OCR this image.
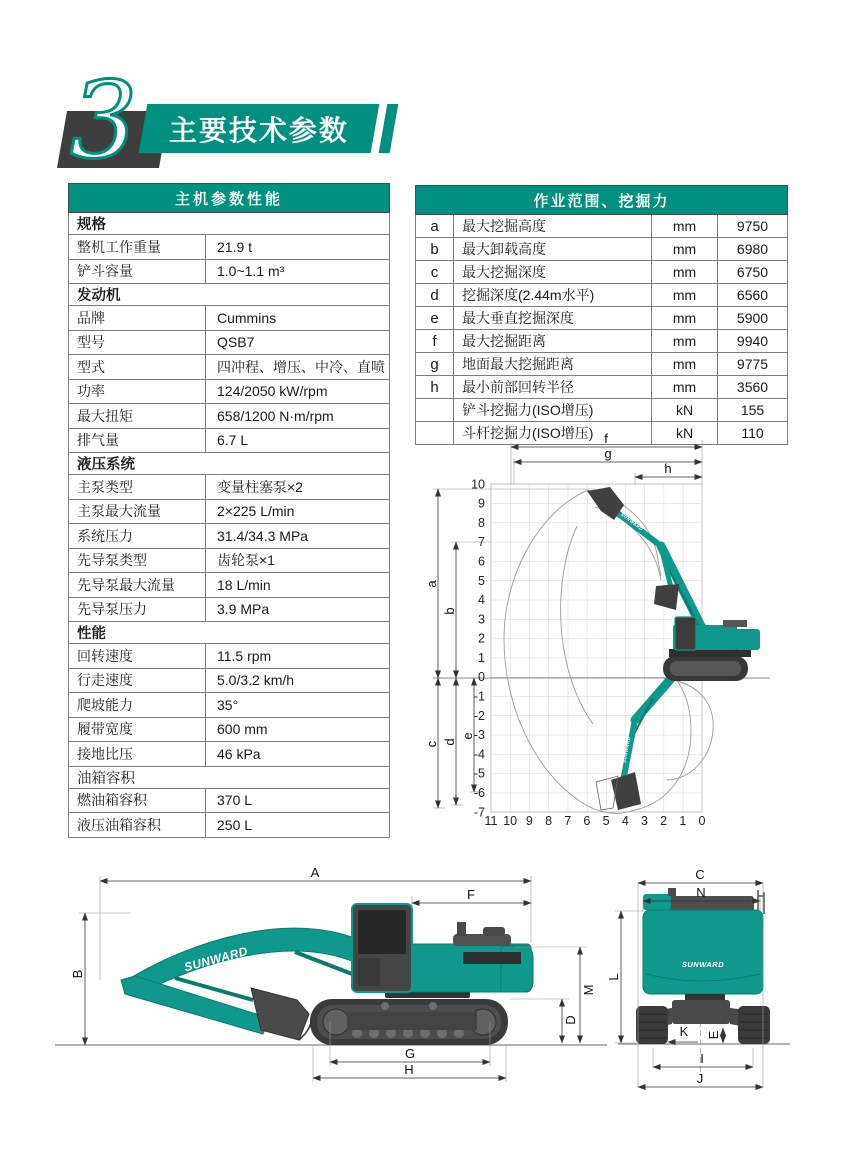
主要技术参数
3
主机参数性能	
规格	
整机工作重量	21.9 t
铲斗容量	1.0~1.1 m³
发动机	
品牌	Cummins
型号	QSB7
型式	四冲程、增压、中冷、直喷
功率	124/2050 kW/rpm
最大扭矩	658/1200 N·m/rpm
排气量	6.7 L
液压系统	
主泵类型	变量柱塞泵×2
主泵最大流量	2×225 L/min
系统压力	31.4/34.3 MPa
先导泵类型	齿轮泵×1
先导泵最大流量	18 L/min
先导泵压力	3.9 MPa
性能	
回转速度	11.5 rpm
行走速度	5.0/3.2 km/h
爬坡能力	35°
履带宽度	600 mm
接地比压	46 kPa
油箱容积	
燃油箱容积	370 L
液压油箱容积	250 L
作业范围、挖掘力			
a	最大挖掘高度	mm	9750
b	最大卸载高度	mm	6980
c	最大挖掘深度	mm	6750
d	挖掘深度(2.44m水平)	mm	6560
e	最大垂直挖掘深度	mm	5900
f	最大挖掘距离	mm	9940
g	地面最大挖掘距离	mm	9775
h	最小前部回转半径	mm	3560
	铲斗挖掘力(ISO增压)	kN	155
	斗杆挖掘力(ISO增压)	kN	110
SUNWARD
SUNWARD
f
g
h
a
b
c d
e
10
9
8
7
6
5
4
3
2
1
0
-1
-2
-3
-4
-5
-6
-7
11 10 9 8 7 6 5 4 3 2 1 0
SUNWARD
A
F
B
M
D
G
H
SUNWARD
C
N
L
K E
I
J
